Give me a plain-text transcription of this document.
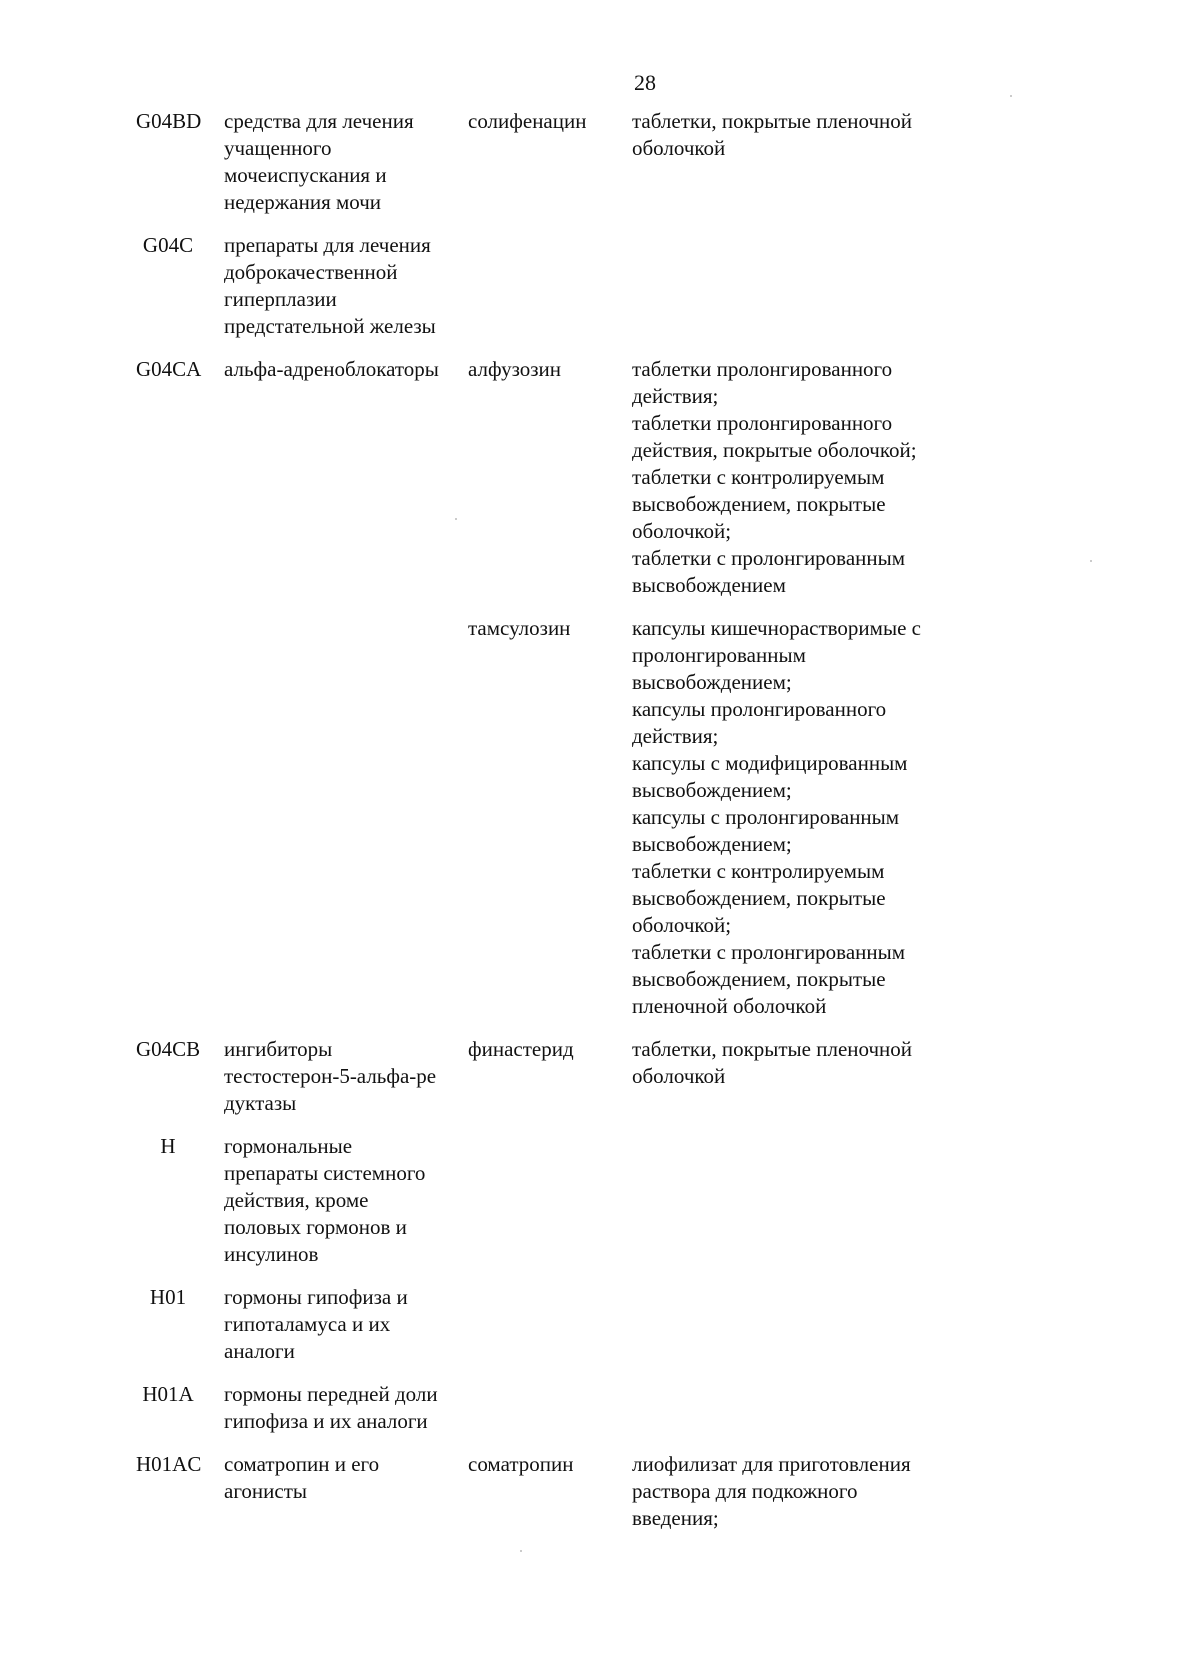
28
G04BD средства для лечения
учащенного
мочеиспускания и
недержания мочи
солифенацин	таблетки, покрытые пленочной
оболочкой
G04C	препараты для лечения
доброкачественной
гиперплазии
предстательной железы
G04CA альфа-адреноблокаторы	алфузозин	таблетки пролонгированного
действия;
таблетки пролонгированного
действия, покрытые оболочкой;
таблетки с контролируемым
высвобождением, покрытые
оболочкой;
таблетки с пролонгированным
высвобождением
тамсулозин	капсулы кишечнорастворимые с
пролонгированным
высвобождением;
капсулы пролонгированного
действия;
капсулы с модифицированным
высвобождением;
капсулы с пролонгированным
высвобождением;
таблетки с контролируемым
высвобождением, покрытые
оболочкой;
таблетки с пролонгированным
высвобождением, покрытые
пленочной оболочкой
G04CB ингибиторы
тестостерон-5-альфа-ре
дуктазы
финастерид	таблетки, покрытые пленочной
оболочкой
H	гормональные
препараты системного
действия, кроме
половых гормонов и
инсулинов
H01	гормоны гипофиза и
гипоталамуса и их
аналоги
H01A	гормоны передней доли
гипофиза и их аналоги
H01AC соматропин и его
агонисты
соматропин	лиофилизат для приготовления
раствора для подкожного
введения;
